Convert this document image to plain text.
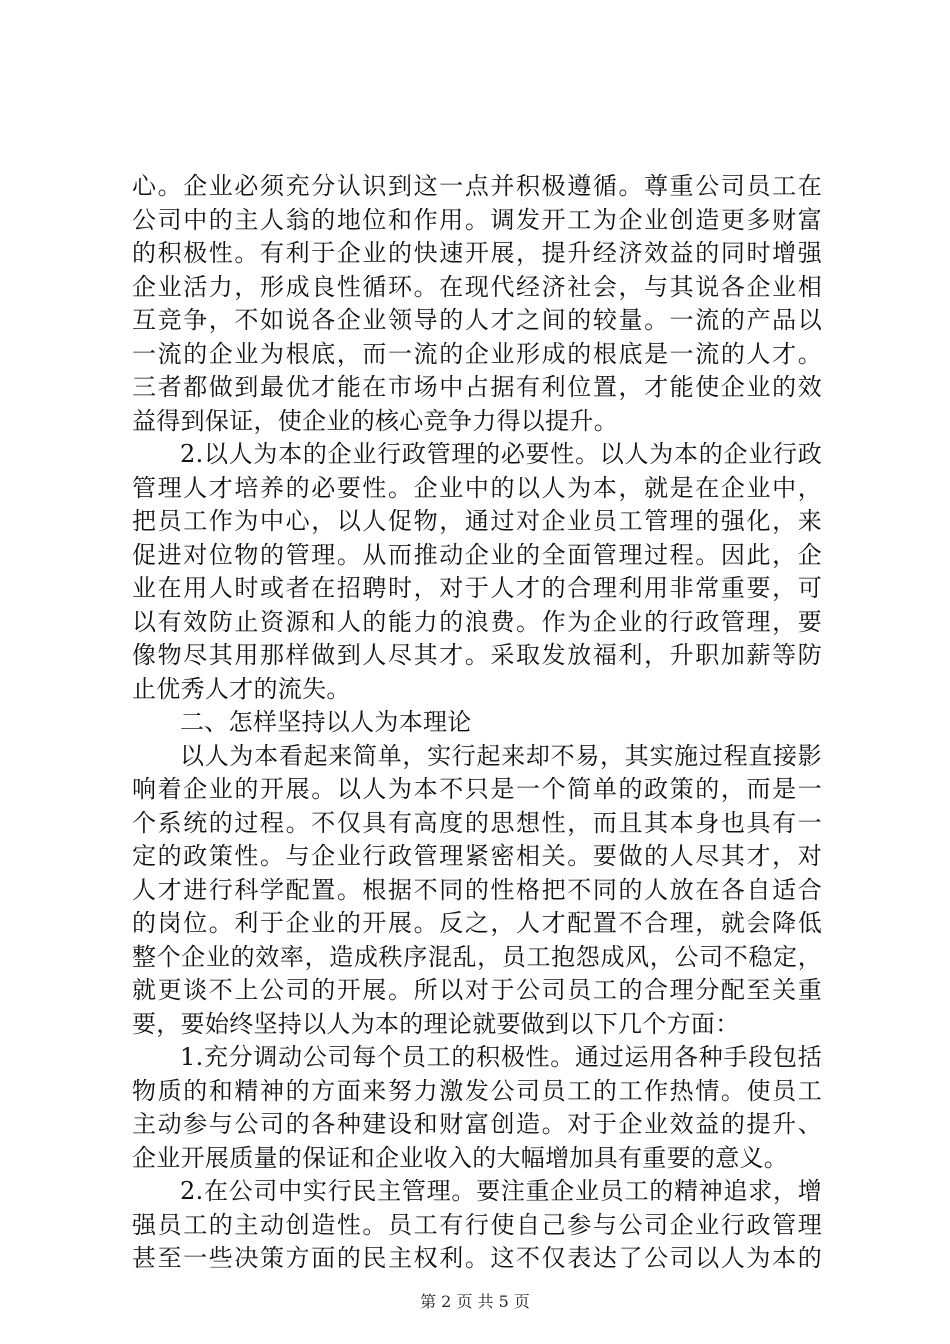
心。企业必须充分认识到这一点并积极遵循。尊重公司员工在
公司中的主人翁的地位和作用。调发开工为企业创造更多财富
的积极性。有利于企业的快速开展，提升经济效益的同时增强
企业活力，形成良性循环。在现代经济社会，与其说各企业相
互竞争，不如说各企业领导的人才之间的较量。一流的产品以
一流的企业为根底，而一流的企业形成的根底是一流的人才。
三者都做到最优才能在市场中占据有利位置，才能使企业的效
益得到保证，使企业的核心竞争力得以提升。
2.以人为本的企业行政管理的必要性。以人为本的企业行政
管理人才培养的必要性。企业中的以人为本，就是在企业中，
把员工作为中心，以人促物，通过对企业员工管理的强化，来
促进对位物的管理。从而推动企业的全面管理过程。因此，企
业在用人时或者在招聘时，对于人才的合理利用非常重要，可
以有效防止资源和人的能力的浪费。作为企业的行政管理，要
像物尽其用那样做到人尽其才。采取发放福利，升职加薪等防
止优秀人才的流失。
二、怎样坚持以人为本理论
以人为本看起来简单，实行起来却不易，其实施过程直接影
响着企业的开展。以人为本不只是一个简单的政策的，而是一
个系统的过程。不仅具有高度的思想性，而且其本身也具有一
定的政策性。与企业行政管理紧密相关。要做的人尽其才，对
人才进行科学配置。根据不同的性格把不同的人放在各自适合
的岗位。利于企业的开展。反之，人才配置不合理，就会降低
整个企业的效率，造成秩序混乱，员工抱怨成风，公司不稳定，
就更谈不上公司的开展。所以对于公司员工的合理分配至关重
要，要始终坚持以人为本的理论就要做到以下几个方面：
1.充分调动公司每个员工的积极性。通过运用各种手段包括
物质的和精神的方面来努力激发公司员工的工作热情。使员工
主动参与公司的各种建设和财富创造。对于企业效益的提升、
企业开展质量的保证和企业收入的大幅增加具有重要的意义。
2.在公司中实行民主管理。要注重企业员工的精神追求，增
强员工的主动创造性。员工有行使自己参与公司企业行政管理
甚至一些决策方面的民主权利。这不仅表达了公司以人为本的
第 2 页 共 5 页
